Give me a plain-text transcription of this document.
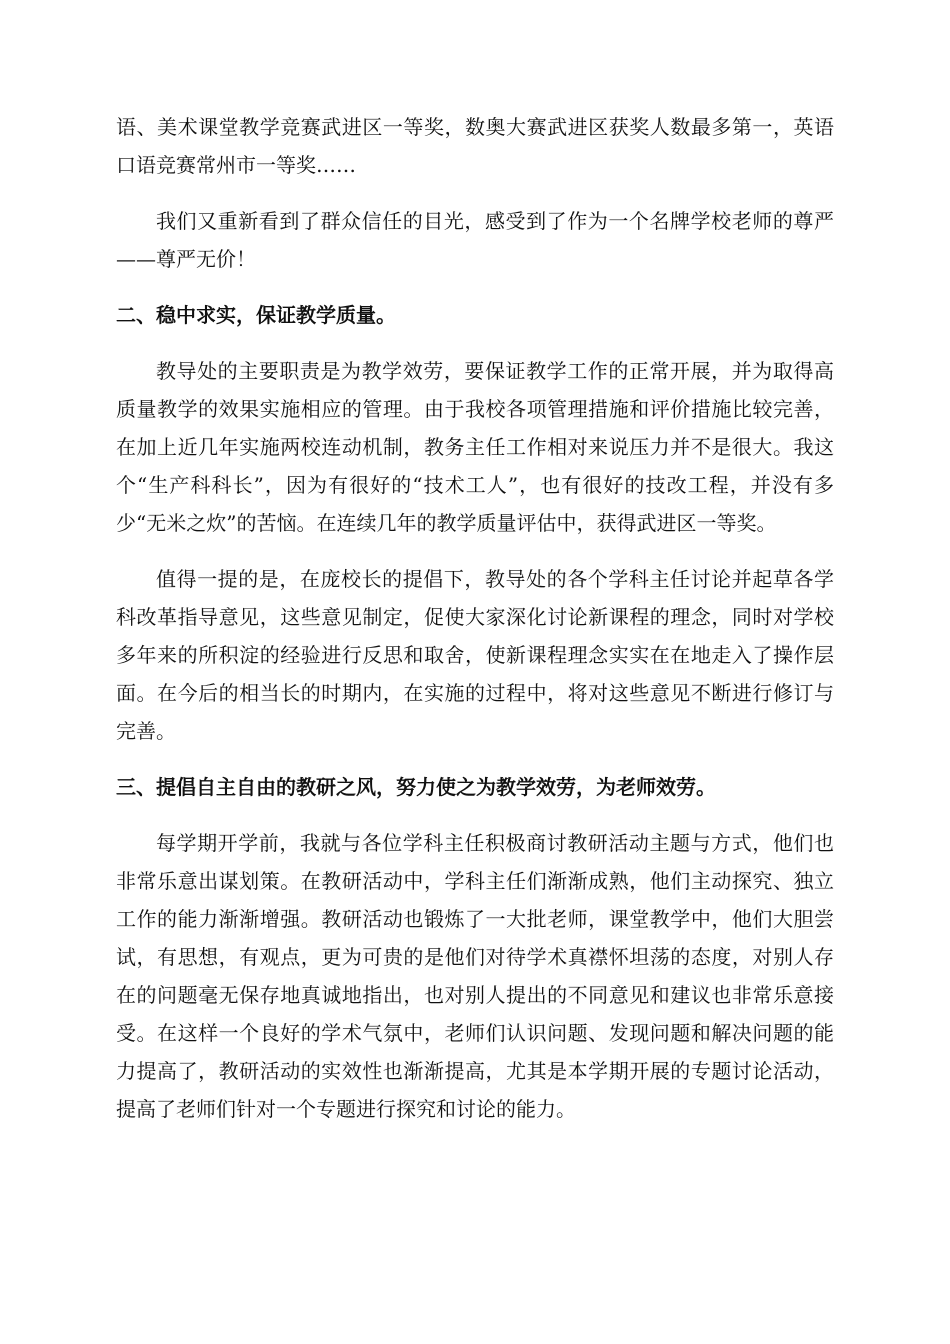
语、美术课堂教学竞赛武进区一等奖，数奥大赛武进区获奖人数最多第一，英语口语竞赛常州市一等奖……

我们又重新看到了群众信任的目光，感受到了作为一个名牌学校老师的尊严——尊严无价！

二、稳中求实，保证教学质量。

教导处的主要职责是为教学效劳，要保证教学工作的正常开展，并为取得高质量教学的效果实施相应的管理。由于我校各项管理措施和评价措施比较完善，在加上近几年实施两校连动机制，教务主任工作相对来说压力并不是很大。我这个“生产科科长”，因为有很好的“技术工人”，也有很好的技改工程，并没有多少“无米之炊”的苦恼。在连续几年的教学质量评估中，获得武进区一等奖。

值得一提的是，在庞校长的提倡下，教导处的各个学科主任讨论并起草各学科改革指导意见，这些意见制定，促使大家深化讨论新课程的理念，同时对学校多年来的所积淀的经验进行反思和取舍，使新课程理念实实在在地走入了操作层面。在今后的相当长的时期内，在实施的过程中，将对这些意见不断进行修订与完善。

三、提倡自主自由的教研之风，努力使之为教学效劳，为老师效劳。

每学期开学前，我就与各位学科主任积极商讨教研活动主题与方式，他们也非常乐意出谋划策。在教研活动中，学科主任们渐渐成熟，他们主动探究、独立工作的能力渐渐增强。教研活动也锻炼了一大批老师，课堂教学中，他们大胆尝试，有思想，有观点，更为可贵的是他们对待学术真襟怀坦荡的态度，对别人存在的问题毫无保存地真诚地指出，也对别人提出的不同意见和建议也非常乐意接受。在这样一个良好的学术气氛中，老师们认识问题、发现问题和解决问题的能力提高了，教研活动的实效性也渐渐提高，尤其是本学期开展的专题讨论活动，提高了老师们针对一个专题进行探究和讨论的能力。
